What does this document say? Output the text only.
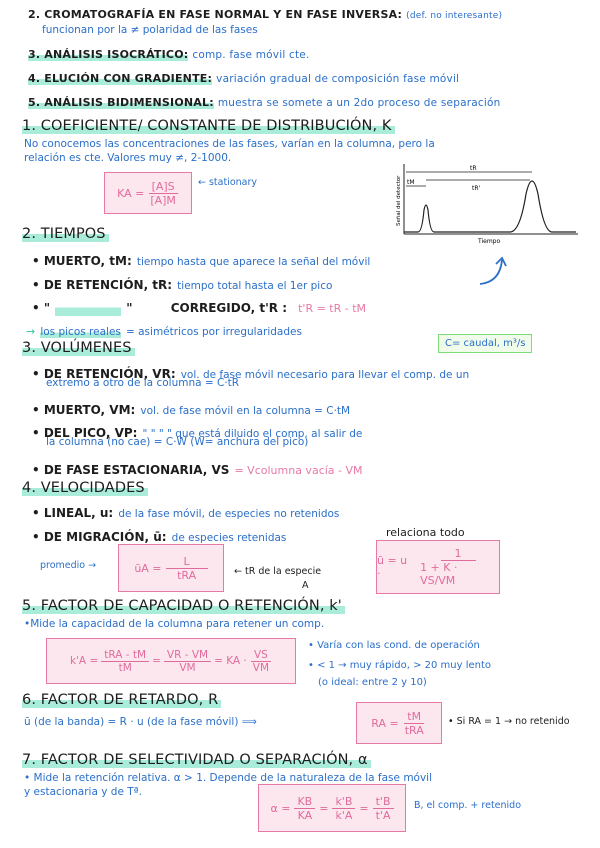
2. CROMATOGRAFÍA EN FASE NORMAL Y EN FASE INVERSA: (def. no interesante)
funcionan por la ≠ polaridad de las fases
3. ANÁLISIS ISOCRÁTICO: comp. fase móvil cte.
4. ELUCIÓN CON GRADIENTE: variación gradual de composición fase móvil
5. ANÁLISIS BIDIMENSIONAL: muestra se somete a un 2do proceso de separación
1. COEFICIENTE/ CONSTANTE DE DISTRIBUCIÓN, K
No conocemos las concentraciones de las fases, varían en la columna, pero la
relación es cte. Valores muy ≠, 2-1000.
KA = $\frac{[A]S}{[A]M}$ ← stationary
tR
tM
tR'
Tiempo
Señal del detector
2. TIEMPOS
• MUERTO, tM: tiempo hasta que aparece la señal del móvil
• DE RETENCIÓN, tR: tiempo total hasta el 1er pico
• "	"	CORREGIDO, t'R : t'R = tR - tM
→ los picos reales = asimétricos por irregularidades
3. VOLÚMENES	C= caudal, m³/s
• DE RETENCIÓN, VR: vol. de fase móvil necesario para llevar el comp. de un
extremo a otro de la columna = C·tR
• MUERTO, VM: vol. de fase móvil en la columna = C·tM
• DEL PICO, VP: " " " " que está diluido el comp. al salir de
la columna (no cae) = C·W (W= anchura del pico)
• DE FASE ESTACIONARIA, VS = Vcolumna vacía - VM
4. VELOCIDADES
• LINEAL, u: de la fase móvil, de especies no retenidos
• DE MIGRACIÓN, ū: de especies retenidas	relaciona todo
promedio →	ūA = $\frac{L}{\text{tRA}}$	← tR de la especie
A
ū = u ·	$\frac{1}{1 + K \cdot VS/VM}$
5. FACTOR DE CAPACIDAD O RETENCIÓN, k'
•Mide la capacidad de la columna para retener un comp.
$k'A = \frac{\text{tRA - tM}}{tM} = \frac{VR - VM}{VM}$ = KA · $\frac{VS}{VM}$
• Varía con las cond. de operación
• < 1 → muy rápido, > 20 muy lento
(o ideal: entre 2 y 10)
6. FACTOR DE RETARDO, R
ū (de la banda) = R · u (de la fase móvil) ⟹	RA = $\frac{tM}{\text{tRA}}$ • Si RA = 1 → no retenido
7. FACTOR DE SELECTIVIDAD O SEPARACIÓN, α
• Mide la retención relativa. α > 1. Depende de la naturaleza de la fase móvil
y estacionaria y de Tª.
$\alpha = \frac{KB}{KA} = \frac{k'B}{k'A} = \frac{t'B}{t'A} B$, el comp. + retenido
